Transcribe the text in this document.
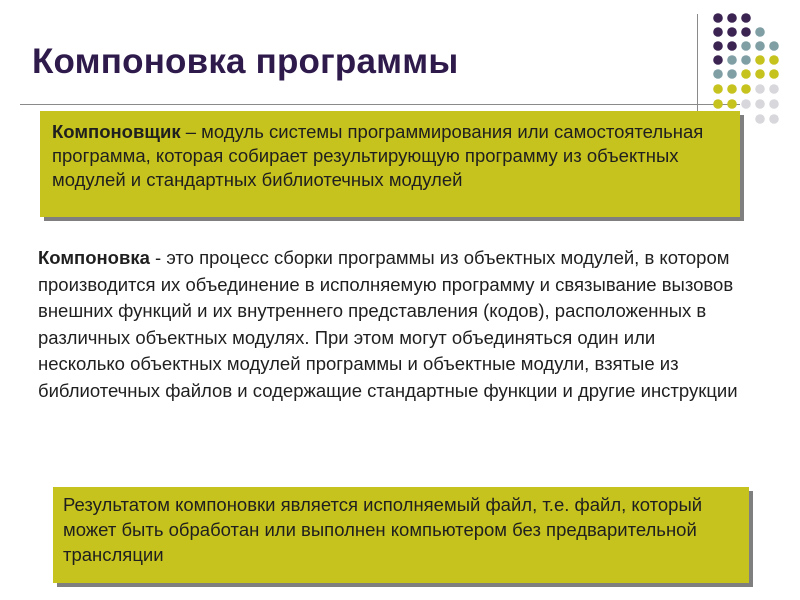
Компоновка программы
Компоновщик – модуль системы программирования или самостоятельная программа, которая собирает результирующую программу из объектных модулей и стандартных библиотечных модулей

Компоновка - это процесс сборки программы из объектных модулей, в котором производится их объединение в исполняемую программу и связывание вызовов внешних функций и их внутреннего представления (кодов), расположенных в различных объектных модулях. При этом могут объединяться один или несколько объектных модулей программы и объектные модули, взятые из библиотечных файлов и содержащие стандартные функции и другие инструкции

Результатом компоновки является исполняемый файл, т.е. файл, который может быть обработан или выполнен компьютером без предварительной трансляции
